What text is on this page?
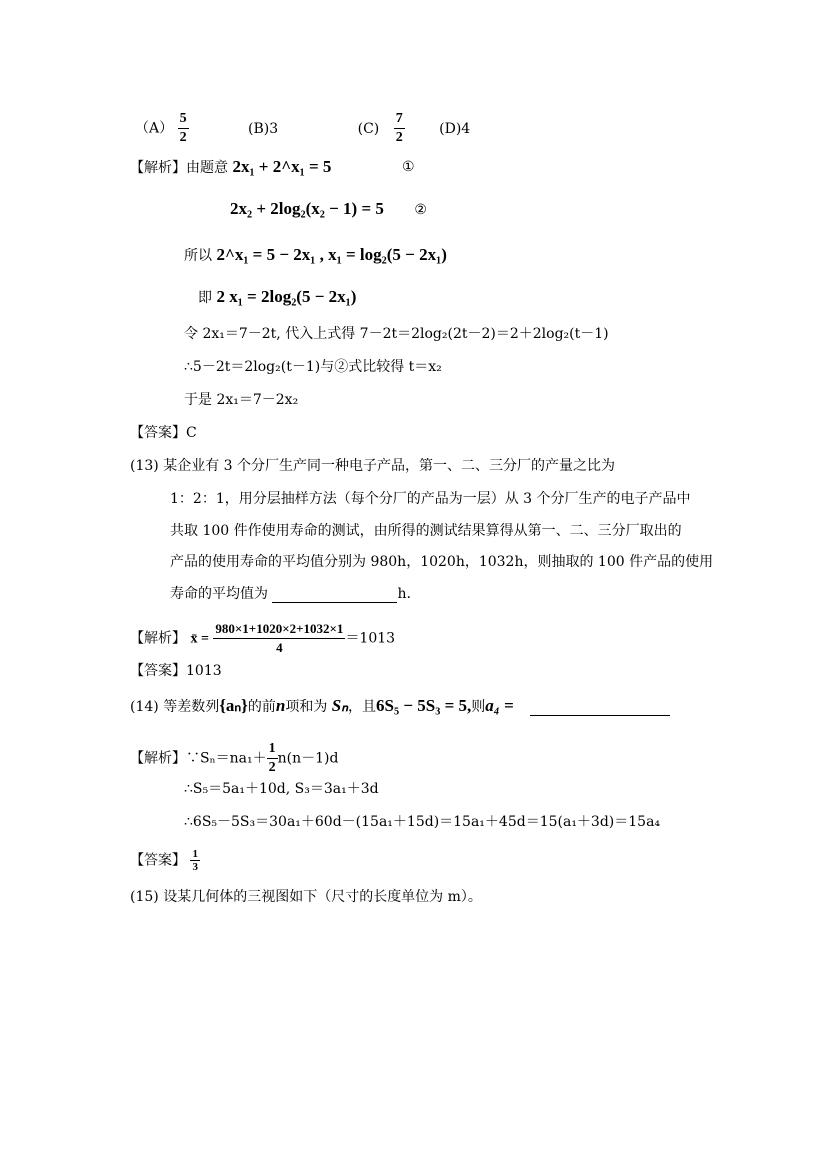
$(A) \frac{5}{2}$	(B)3	$(C) \frac{7}{2} (D)4$
【解析】由题意 2x₁ + 2^x₁ = 5	①
2x₂ + 2log₂(x₂ − 1) = 5 ②
所以 2^x₁ = 5 − 2x₁ , x₁ = log₂(5 − 2x₁)
即 2 x₁ = 2log₂(5 − 2x₁)
令 2x₁＝7－2t, 代入上式得 7－2t＝2log₂(2t－2)＝2＋2log₂(t－1)
∴5－2t＝2log₂(t－1)与②式比较得 t＝x₂
于是 2x₁＝7－2x₂
【答案】C
(13) 某企业有 3 个分厂生产同一种电子产品，第一、二、三分厂的产量之比为
1：2：1，用分层抽样方法（每个分厂的产品为一层）从 3 个分厂生产的电子产品中
共取 100 件作使用寿命的测试，由所得的测试结果算得从第一、二、三分厂取出的
产品的使用寿命的平均值分别为 980h，1020h，1032h，则抽取的 100 件产品的使用
寿命的平均值为	h.
【解析】 x̄ = $\frac{980\times 1+1020\times 2+1032\times 1}{4} =1013$
【答案】1013
(14) 等差数列{aₙ}的前n项和为 Sₙ，且6S₅ − 5S₃ = 5,则a₄ =
【解析】∵Sₙ＝na₁＋ $\frac{1}{2} n(n-1)d$
∴S₅＝5a₁＋10d, S₃＝3a₁＋3d
∴6S₅－5S₃＝30a₁＋60d－(15a₁＋15d)＝15a₁＋45d＝15(a₁＋3d)＝15a₄
【答案】 $\frac{1}{3}$
(15) 设某几何体的三视图如下（尺寸的长度单位为 m）。
